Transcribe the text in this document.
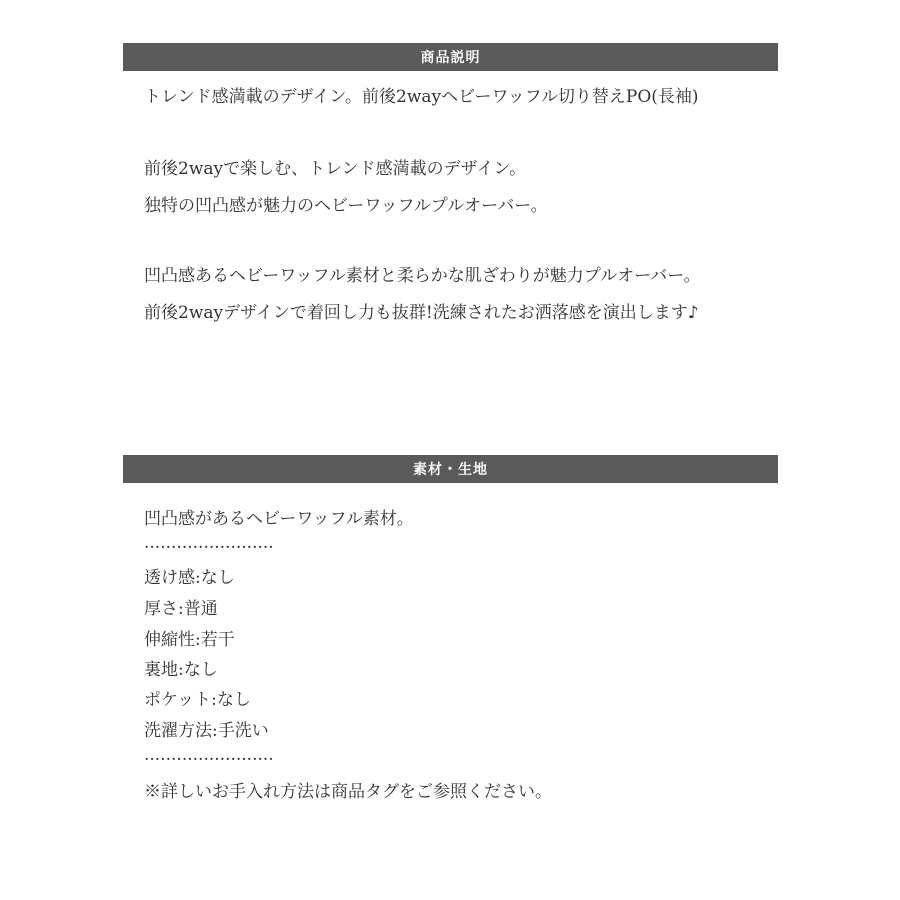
商品説明
トレンド感満載のデザイン。前後2wayヘビーワッフル切り替えPO(長袖)
前後2wayで楽しむ、トレンド感満載のデザイン。
独特の凹凸感が魅力のヘビーワッフルプルオーバー。
凹凸感あるヘビーワッフル素材と柔らかな肌ざわりが魅力プルオーバー。
前後2wayデザインで着回し力も抜群!洗練されたお洒落感を演出します♪
素材・生地
凹凸感があるヘビーワッフル素材。
........................
透け感:なし
厚さ:普通
伸縮性:若干
裏地:なし
ポケット:なし
洗濯方法:手洗い
........................
※詳しいお手入れ方法は商品タグをご参照ください。
